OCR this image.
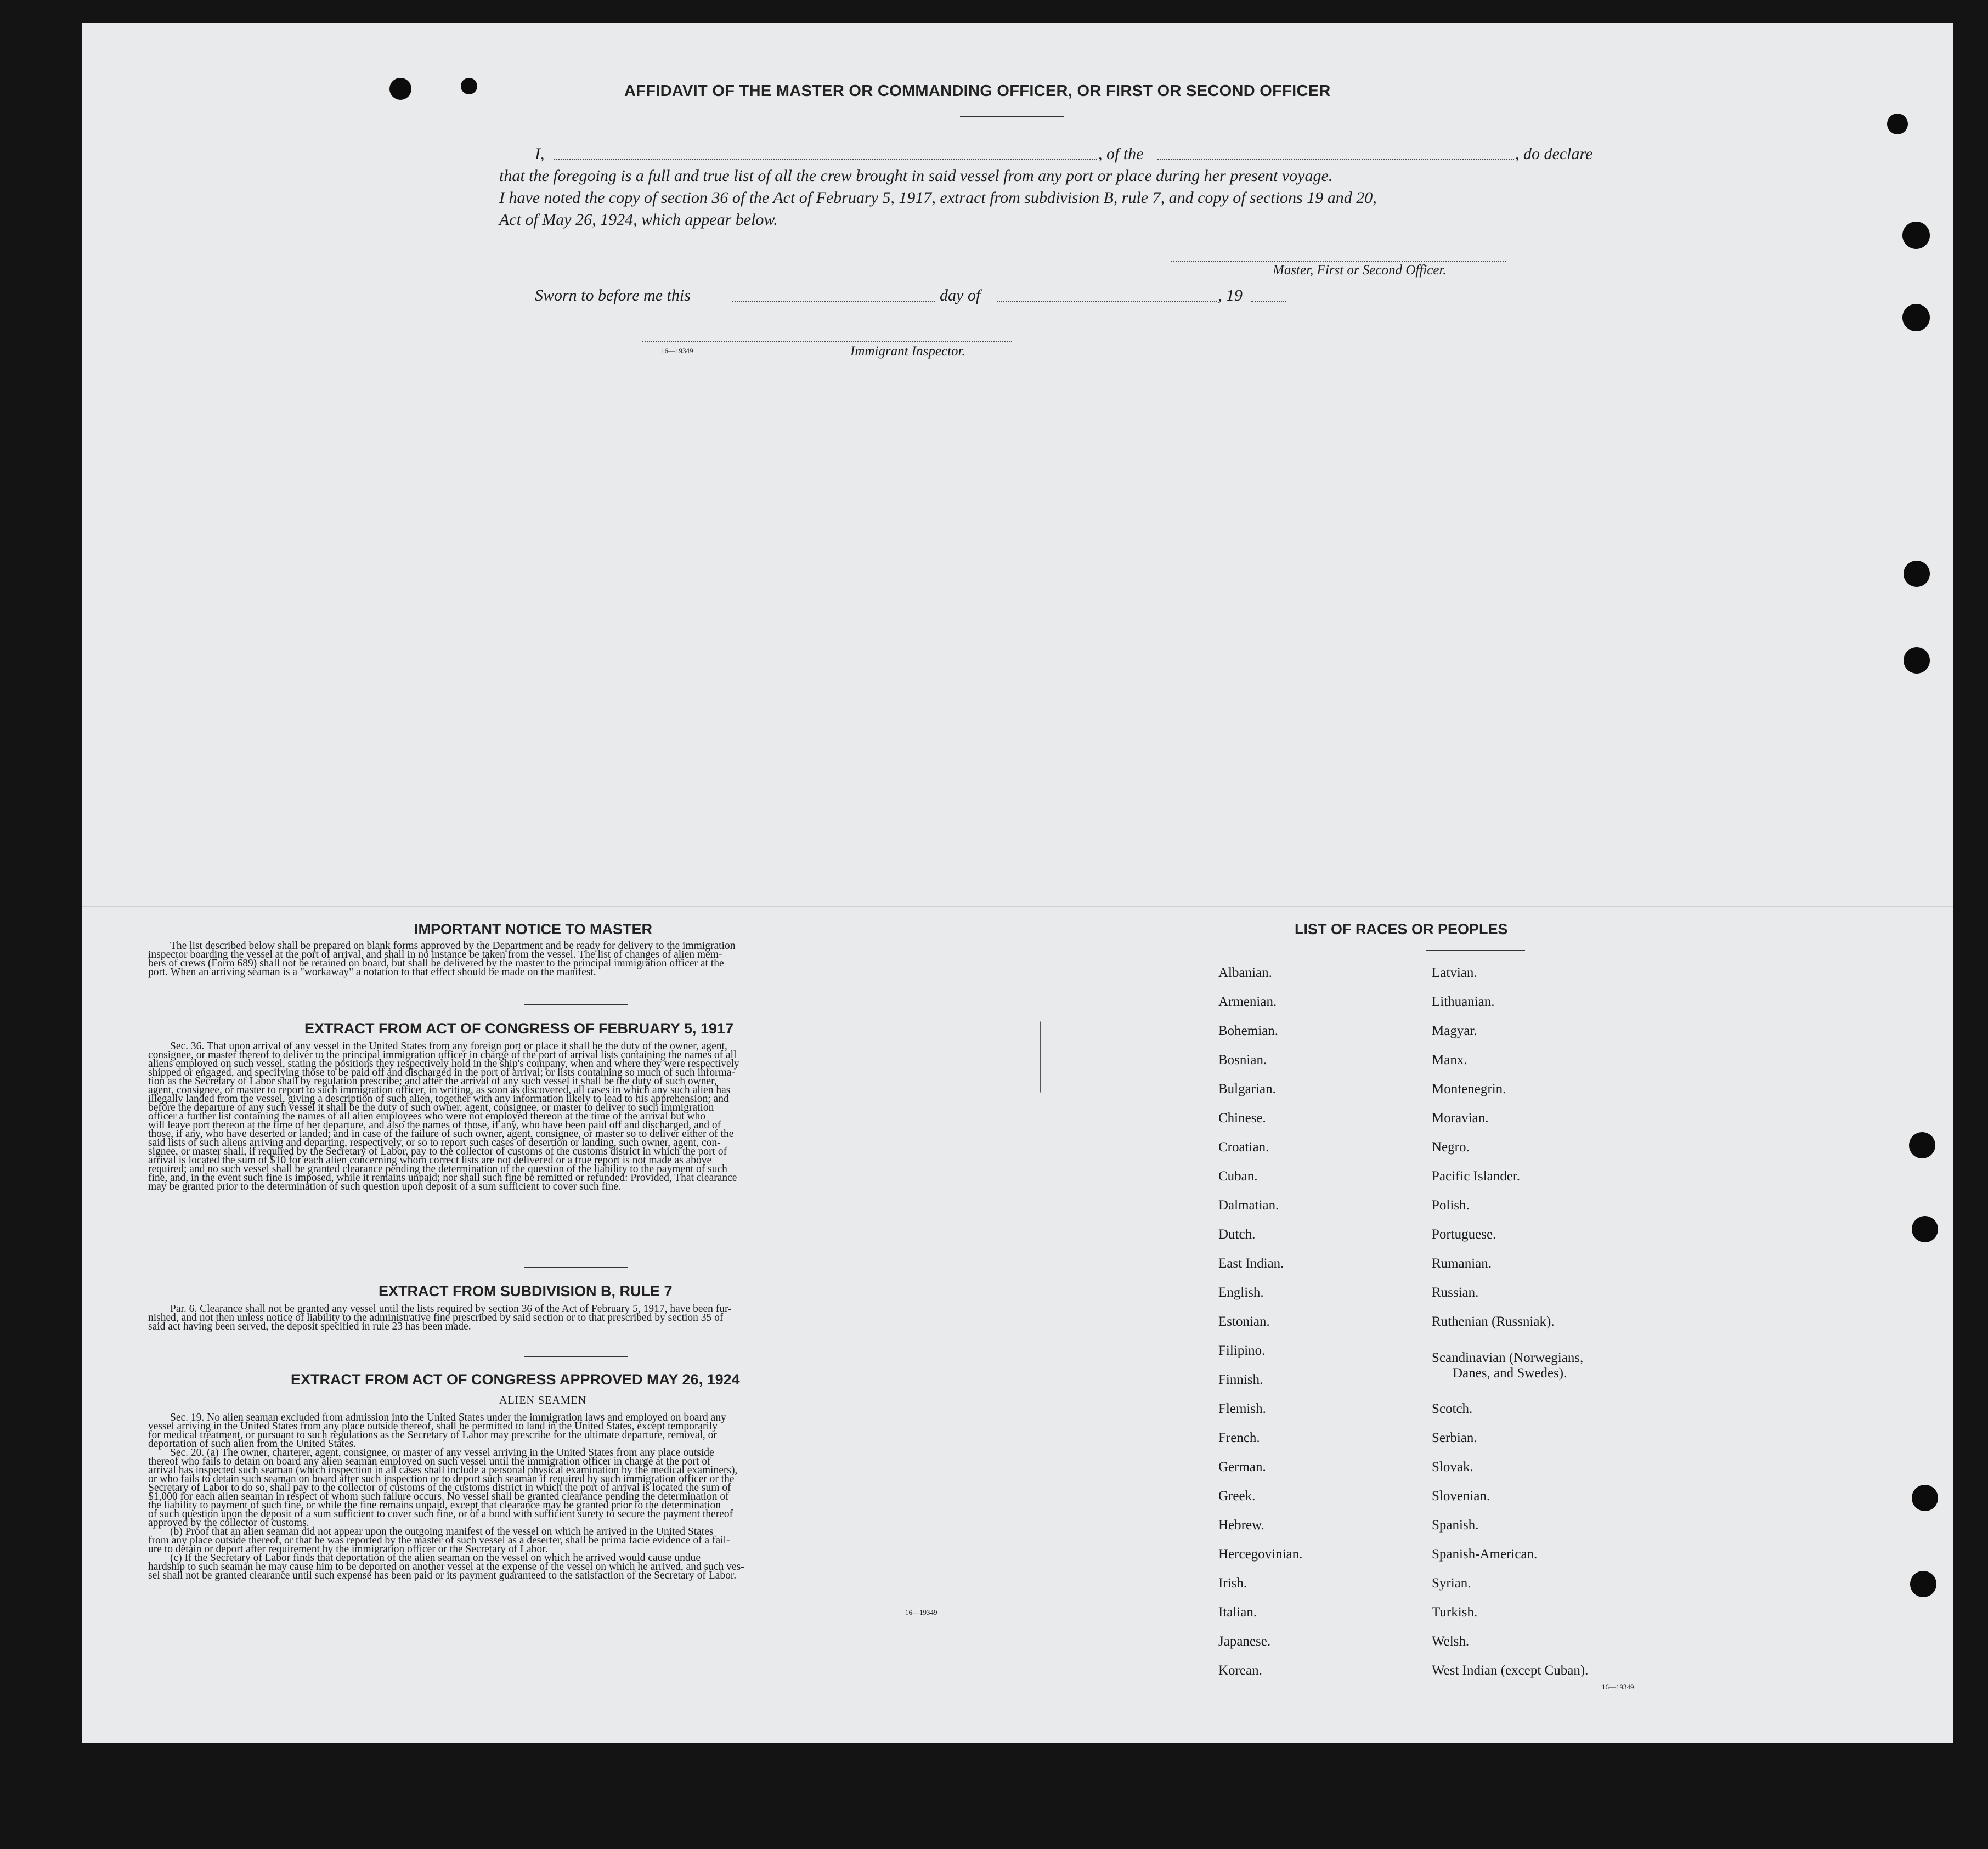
AFFIDAVIT OF THE MASTER OR COMMANDING OFFICER, OR FIRST OR SECOND OFFICER
I,	, of the	, do declare
that the foregoing is a full and true list of all the crew brought in said vessel from any port or place during her present voyage.
I have noted the copy of section 36 of the Act of February 5, 1917, extract from subdivision B, rule 7, and copy of sections 19 and 20,
Act of May 26, 1924, which appear below.
Master, First or Second Officer.
Sworn to before me this	day of	, 19
16—19349	Immigrant Inspector.
IMPORTANT NOTICE TO MASTER
The list described below shall be prepared on blank forms approved by the Department and be ready for delivery to the immigration
inspector boarding the vessel at the port of arrival, and shall in no instance be taken from the vessel. The list of changes of alien mem-
bers of crews (Form 689) shall not be retained on board, but shall be delivered by the master to the principal immigration officer at the
port. When an arriving seaman is a "workaway" a notation to that effect should be made on the manifest.
EXTRACT FROM ACT OF CONGRESS OF FEBRUARY 5, 1917
Sec. 36. That upon arrival of any vessel in the United States from any foreign port or place it shall be the duty of the owner, agent,
consignee, or master thereof to deliver to the principal immigration officer in charge of the port of arrival lists containing the names of all
aliens employed on such vessel, stating the positions they respectively hold in the ship's company, when and where they were respectively
shipped or engaged, and specifying those to be paid off and discharged in the port of arrival; or lists containing so much of such informa-
tion as the Secretary of Labor shall by regulation prescribe; and after the arrival of any such vessel it shall be the duty of such owner,
agent, consignee, or master to report to such immigration officer, in writing, as soon as discovered, all cases in which any such alien has
illegally landed from the vessel, giving a description of such alien, together with any information likely to lead to his apprehension; and
before the departure of any such vessel it shall be the duty of such owner, agent, consignee, or master to deliver to such immigration
officer a further list containing the names of all alien employees who were not employed thereon at the time of the arrival but who
will leave port thereon at the time of her departure, and also the names of those, if any, who have been paid off and discharged, and of
those, if any, who have deserted or landed; and in case of the failure of such owner, agent, consignee, or master so to deliver either of the
said lists of such aliens arriving and departing, respectively, or so to report such cases of desertion or landing, such owner, agent, con-
signee, or master shall, if required by the Secretary of Labor, pay to the collector of customs of the customs district in which the port of
arrival is located the sum of $10 for each alien concerning whom correct lists are not delivered or a true report is not made as above
required; and no such vessel shall be granted clearance pending the determination of the question of the liability to the payment of such
fine, and, in the event such fine is imposed, while it remains unpaid; nor shall such fine be remitted or refunded: Provided, That clearance
may be granted prior to the determination of such question upon deposit of a sum sufficient to cover such fine.
EXTRACT FROM SUBDIVISION B, RULE 7
Par. 6. Clearance shall not be granted any vessel until the lists required by section 36 of the Act of February 5, 1917, have been fur-
nished, and not then unless notice of liability to the administrative fine prescribed by said section or to that prescribed by section 35 of
said act having been served, the deposit specified in rule 23 has been made.
EXTRACT FROM ACT OF CONGRESS APPROVED MAY 26, 1924
ALIEN SEAMEN
Sec. 19. No alien seaman excluded from admission into the United States under the immigration laws and employed on board any
vessel arriving in the United States from any place outside thereof, shall be permitted to land in the United States, except temporarily
for medical treatment, or pursuant to such regulations as the Secretary of Labor may prescribe for the ultimate departure, removal, or
deportation of such alien from the United States.
Sec. 20. (a) The owner, charterer, agent, consignee, or master of any vessel arriving in the United States from any place outside
thereof who fails to detain on board any alien seaman employed on such vessel until the immigration officer in charge at the port of
arrival has inspected such seaman (which inspection in all cases shall include a personal physical examination by the medical examiners),
or who fails to detain such seaman on board after such inspection or to deport such seaman if required by such immigration officer or the
Secretary of Labor to do so, shall pay to the collector of customs of the customs district in which the port of arrival is located the sum of
$1,000 for each alien seaman in respect of whom such failure occurs. No vessel shall be granted clearance pending the determination of
the liability to payment of such fine, or while the fine remains unpaid, except that clearance may be granted prior to the determination
of such question upon the deposit of a sum sufficient to cover such fine, or of a bond with sufficient surety to secure the payment thereof
approved by the collector of customs.
(b) Proof that an alien seaman did not appear upon the outgoing manifest of the vessel on which he arrived in the United States
from any place outside thereof, or that he was reported by the master of such vessel as a deserter, shall be prima facie evidence of a fail-
ure to detain or deport after requirement by the immigration officer or the Secretary of Labor.
(c) If the Secretary of Labor finds that deportation of the alien seaman on the vessel on which he arrived would cause undue
hardship to such seaman he may cause him to be deported on another vessel at the expense of the vessel on which he arrived, and such ves-
sel shall not be granted clearance until such expense has been paid or its payment guaranteed to the satisfaction of the Secretary of Labor.
16—19349
LIST OF RACES OR PEOPLES
Albanian.
Armenian.
Bohemian.
Bosnian.
Bulgarian.
Chinese.
Croatian.
Cuban.
Dalmatian.
Dutch.
East Indian.
English.
Estonian.
Filipino.
Finnish.
Flemish.
French.
German.
Greek.
Hebrew.
Hercegovinian.
Irish.
Italian.
Japanese.
Korean.
Latvian.
Lithuanian.
Magyar.
Manx.
Montenegrin.
Moravian.
Negro.
Pacific Islander.
Polish.
Portuguese.
Rumanian.
Russian.
Ruthenian (Russniak).
Scandinavian (Norwegians,
Danes, and Swedes).
Scotch.
Serbian.
Slovak.
Slovenian.
Spanish.
Spanish-American.
Syrian.
Turkish.
Welsh.
West Indian (except Cuban).
16—19349
